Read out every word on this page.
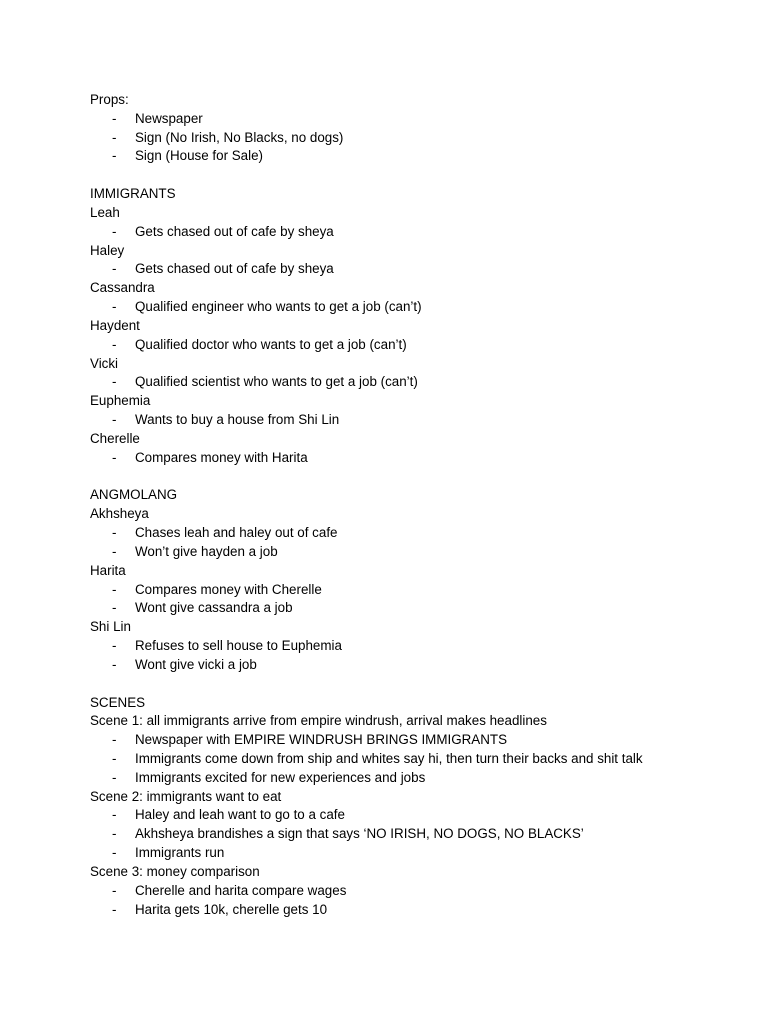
Props:
- Newspaper
- Sign (No Irish, No Blacks, no dogs)
- Sign (House for Sale)
IMMIGRANTS
Leah
- Gets chased out of cafe by sheya
Haley
- Gets chased out of cafe by sheya
Cassandra
- Qualified engineer who wants to get a job (can’t)
Haydent
- Qualified doctor who wants to get a job (can’t)
Vicki
- Qualified scientist who wants to get a job (can’t)
Euphemia
- Wants to buy a house from Shi Lin
Cherelle
- Compares money with Harita
ANGMOLANG
Akhsheya
- Chases leah and haley out of cafe
- Won’t give hayden a job
Harita
- Compares money with Cherelle
- Wont give cassandra a job
Shi Lin
- Refuses to sell house to Euphemia
- Wont give vicki a job
SCENES
Scene 1: all immigrants arrive from empire windrush, arrival makes headlines
- Newspaper with EMPIRE WINDRUSH BRINGS IMMIGRANTS
- Immigrants come down from ship and whites say hi, then turn their backs and shit talk
- Immigrants excited for new experiences and jobs
Scene 2: immigrants want to eat
- Haley and leah want to go to a cafe
- Akhsheya brandishes a sign that says ‘NO IRISH, NO DOGS, NO BLACKS’
- Immigrants run
Scene 3: money comparison
- Cherelle and harita compare wages
- Harita gets 10k, cherelle gets 10
